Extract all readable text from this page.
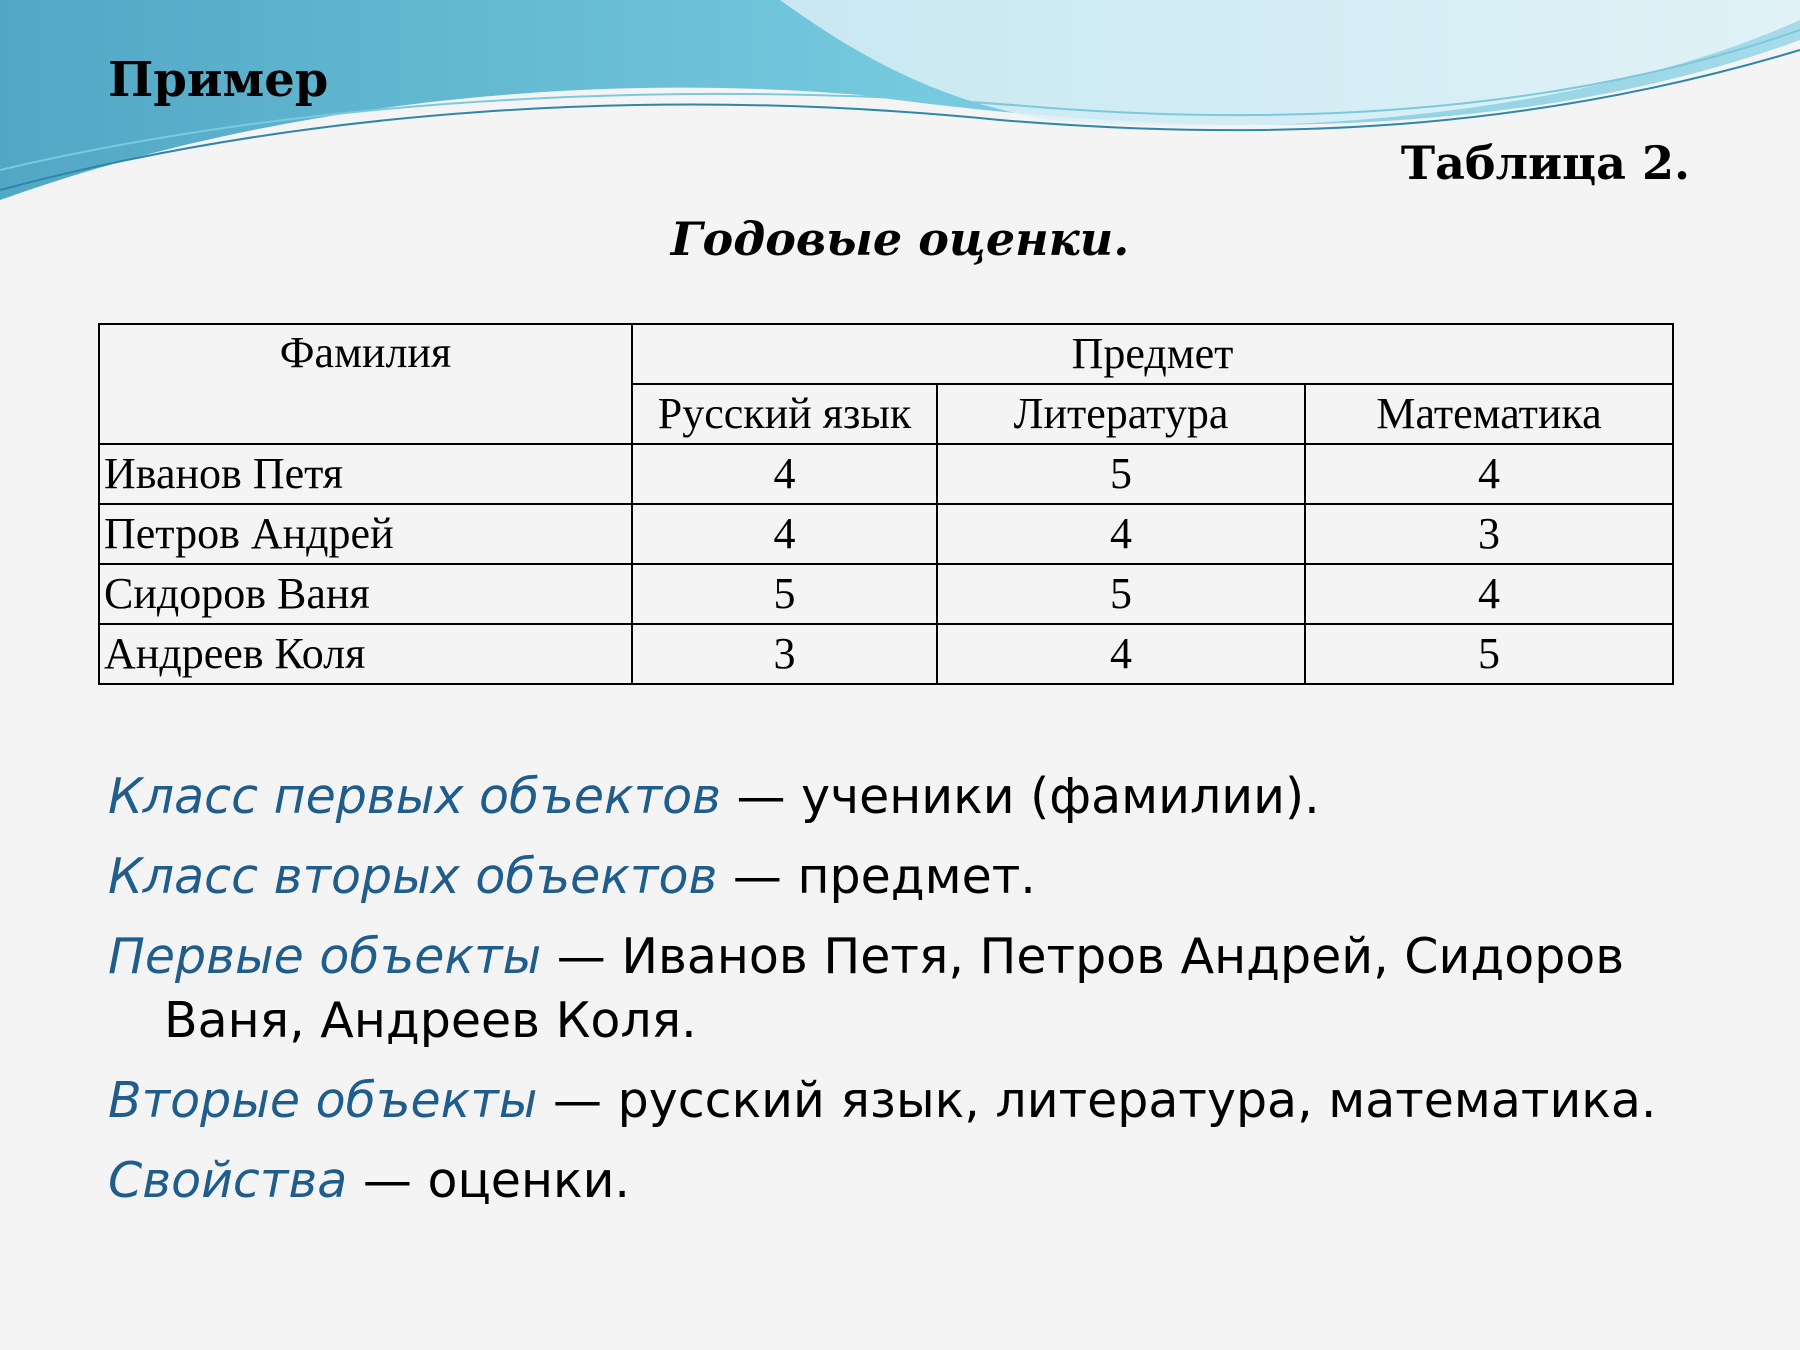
Пример
Таблица 2.
Годовые оценки.
Фамилия	Предмет		
	Русский язык	Литература	Математика
Иванов Петя	4	5	4
Петров Андрей	4	4	3
Сидоров Ваня	5	5	4
Андреев Коля	3	4	5

Класс первых объектов — ученики (фамилии).

Класс вторых объектов — предмет.

Первые объекты — Иванов Петя, Петров Андрей, Сидоров Ваня, Андреев Коля.

Вторые объекты — русский язык, литература, математика.

Свойства — оценки.
